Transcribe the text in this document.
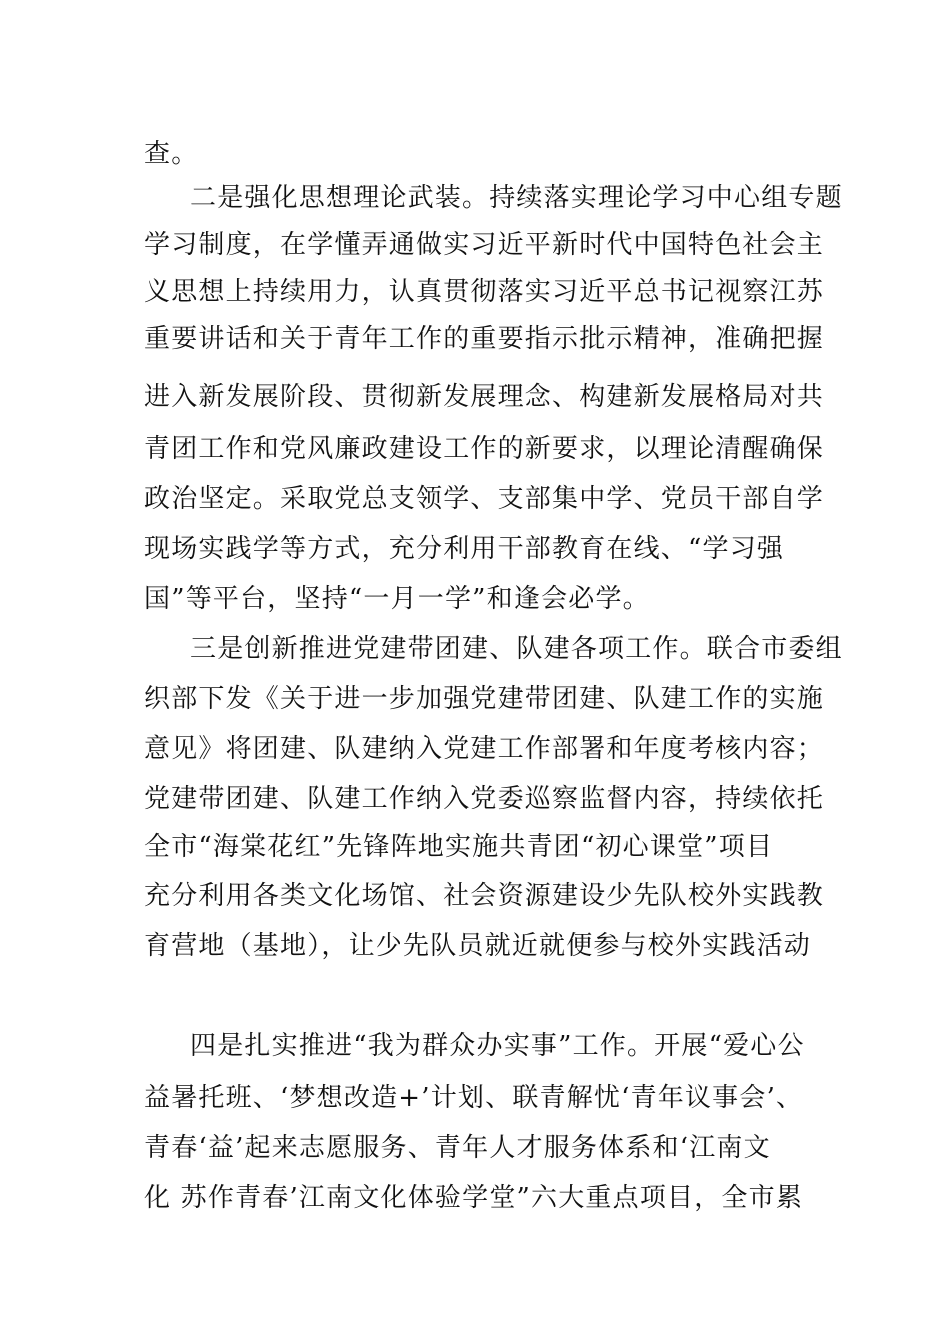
查。
二是强化思想理论武装。持续落实理论学习中心组专题
学习制度，在学懂弄通做实习近平新时代中国特色社会主
义思想上持续用力，认真贯彻落实习近平总书记视察江苏
重要讲话和关于青年工作的重要指示批示精神，准确把握
进入新发展阶段、贯彻新发展理念、构建新发展格局对共
青团工作和党风廉政建设工作的新要求，以理论清醒确保
政治坚定。采取党总支领学、支部集中学、党员干部自学
现场实践学等方式，充分利用干部教育在线、“学习强
国”等平台，坚持“一月一学”和逢会必学。
三是创新推进党建带团建、队建各项工作。联合市委组
织部下发《关于进一步加强党建带团建、队建工作的实施
意见》将团建、队建纳入党建工作部署和年度考核内容；
党建带团建、队建工作纳入党委巡察监督内容，持续依托
全市“海棠花红”先锋阵地实施共青团“初心课堂”项目
充分利用各类文化场馆、社会资源建设少先队校外实践教
育营地（基地），让少先队员就近就便参与校外实践活动
四是扎实推进“我为群众办实事”工作。开展“爱心公
益暑托班、‘梦想改造+’计划、联青解忧‘青年议事会’、
青春‘益’起来志愿服务、青年人才服务体系和‘江南文
化 苏作青春’江南文化体验学堂”六大重点项目，全市累
